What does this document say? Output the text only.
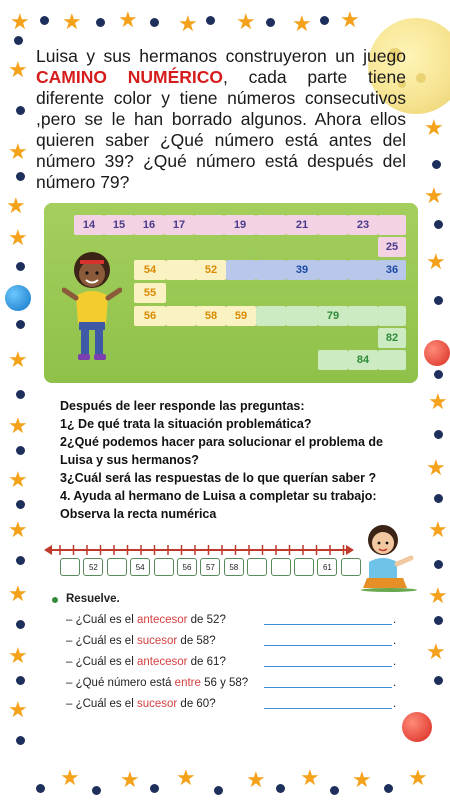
★ ★ ★ ★ ★ ★ ★
★
★
★
★
★
★
★
★
★
★
★
★
★
★
★
★
★
★
★
★ ★ ★ ★ ★ ★ ★
Luisa y sus hermanos construyeron un juego CAMINO NUMÉRICO, cada parte tiene diferente color y tiene números consecutivos ,pero se le han borrado algunos. Ahora ellos quieren saber ¿Qué número está antes del número 39? ¿Qué número está después del número 79?
14	15	16	17	19	21	23
25
54	52	39	36
55
56	58	59	79
82
84
Después de leer responde las preguntas:
1¿ De qué trata la situación problemática?
2¿Qué podemos hacer para solucionar el problema de Luisa y sus hermanos?
3¿Cuál será las respuestas de lo que querían saber ?
4. Ayuda al hermano de Luisa a completar su trabajo:
Observa la recta numérica
52	54	56	57	58	61
Resuelve.
– ¿Cuál es el antecesor de 52?	.
– ¿Cuál es el sucesor de 58?	.
– ¿Cuál es el antecesor de 61?	.
– ¿Qué número está entre 56 y 58?	.
– ¿Cuál es el sucesor de 60?	.
